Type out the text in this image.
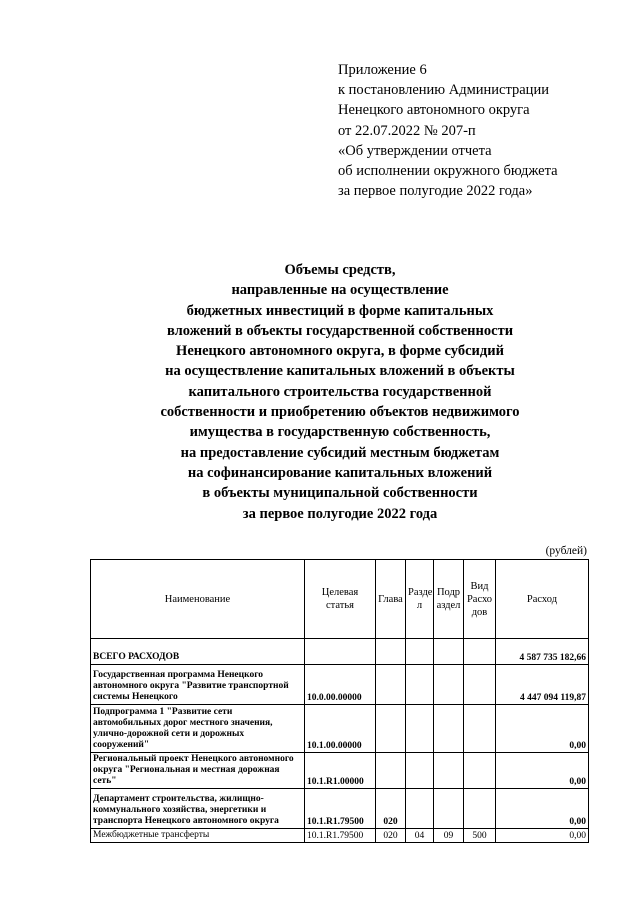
Приложение 6
к постановлению Администрации
Ненецкого автономного округа
от 22.07.2022 № 207-п
«Об утверждении отчета
об исполнении окружного бюджета
за первое полугодие 2022 года»
Объемы средств,
направленные на осуществление
бюджетных инвестиций в форме капитальных
вложений в объекты государственной собственности
Ненецкого автономного округа, в форме субсидий
на осуществление капитальных вложений в объекты
капитального строительства государственной
собственности и приобретению объектов недвижимого
имущества в государственную собственность,
на предоставление субсидий местным бюджетам
на софинансирование капитальных вложений
в объекты муниципальной собственности
за первое полугодие 2022 года
(рублей)
Наименование	Целевая статья	Глава	Разде л	Подр аздел	Вид Расхо дов	Расход
ВСЕГО РАСХОДОВ						4 587 735 182,66
Государственная программа Ненецкого автономного округа "Развитие транспортной системы Ненецкого	10.0.00.00000					4 447 094 119,87
Подпрограмма 1 "Развитие сети автомобильных дорог местного значения, улично-дорожной сети и дорожных сооружений"	10.1.00.00000					0,00
Региональный проект Ненецкого автономного округа "Региональная и местная дорожная сеть"	10.1.R1.00000					0,00
Департамент строительства, жилищно-коммунального хозяйства, энергетики и транспорта Ненецкого автономного округа	10.1.R1.79500	020				0,00
Межбюджетные трансферты	10.1.R1.79500	020	04	09	500	0,00
